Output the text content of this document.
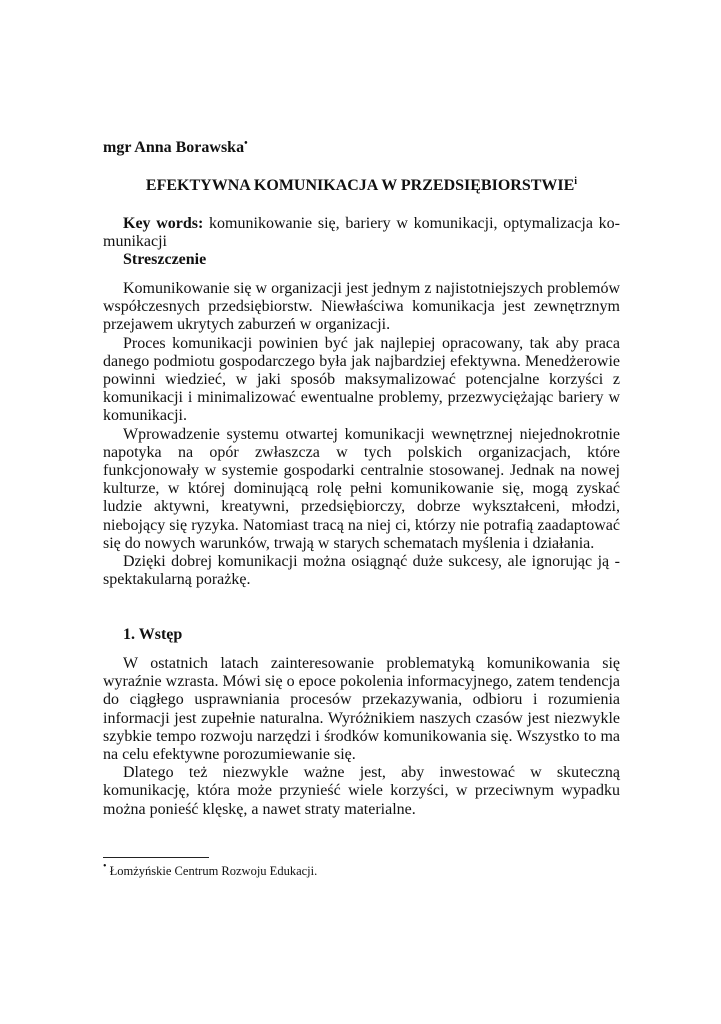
mgr Anna Borawska•
EFEKTYWNA KOMUNIKACJA W PRZEDSIĘBIORSTWIE$^i$

Key words: komunikowanie się, bariery w komunikacji, optymalizacja ko-munikacji

Streszczenie

Komunikowanie się w organizacji jest jednym z najistotniejszych problemów współczesnych przedsiębiorstw. Niewłaściwa komunikacja jest zewnętrznym przejawem ukrytych zaburzeń w organizacji.

Proces komunikacji powinien być jak najlepiej opracowany, tak aby praca danego podmiotu gospodarczego była jak najbardziej efektywna. Menedżerowie powinni wiedzieć, w jaki sposób maksymalizować potencjalne korzyści z komunikacji i minimalizować ewentualne problemy, przezwyciężając bariery w komunikacji.

Wprowadzenie systemu otwartej komunikacji wewnętrznej niejednokrotnie napotyka na opór zwłaszcza w tych polskich organizacjach, które funkcjonowały w systemie gospodarki centralnie stosowanej. Jednak na nowej kulturze, w której dominującą rolę pełni komunikowanie się, mogą zyskać ludzie aktywni, kreatywni, przedsiębiorczy, dobrze wykształceni, młodzi, niebojący się ryzyka. Natomiast tracą na niej ci, którzy nie potrafią zaadaptować się do nowych warunków, trwają w starych schematach myślenia i działania.

Dzięki dobrej komunikacji można osiągnąć duże sukcesy, ale ignorując ją - spektakularną porażkę.

1. Wstęp

W ostatnich latach zainteresowanie problematyką komunikowania się wyraźnie wzrasta. Mówi się o epoce pokolenia informacyjnego, zatem tendencja do ciągłego usprawniania procesów przekazywania, odbioru i rozumienia informacji jest zupełnie naturalna. Wyróżnikiem naszych czasów jest niezwykle szybkie tempo rozwoju narzędzi i środków komunikowania się. Wszystko to ma na celu efektywne porozumiewanie się.

Dlatego też niezwykle ważne jest, aby inwestować w skuteczną komunikację, która może przynieść wiele korzyści, w przeciwnym wypadku można ponieść klęskę, a nawet straty materialne.

• Łomżyńskie Centrum Rozwoju Edukacji.
